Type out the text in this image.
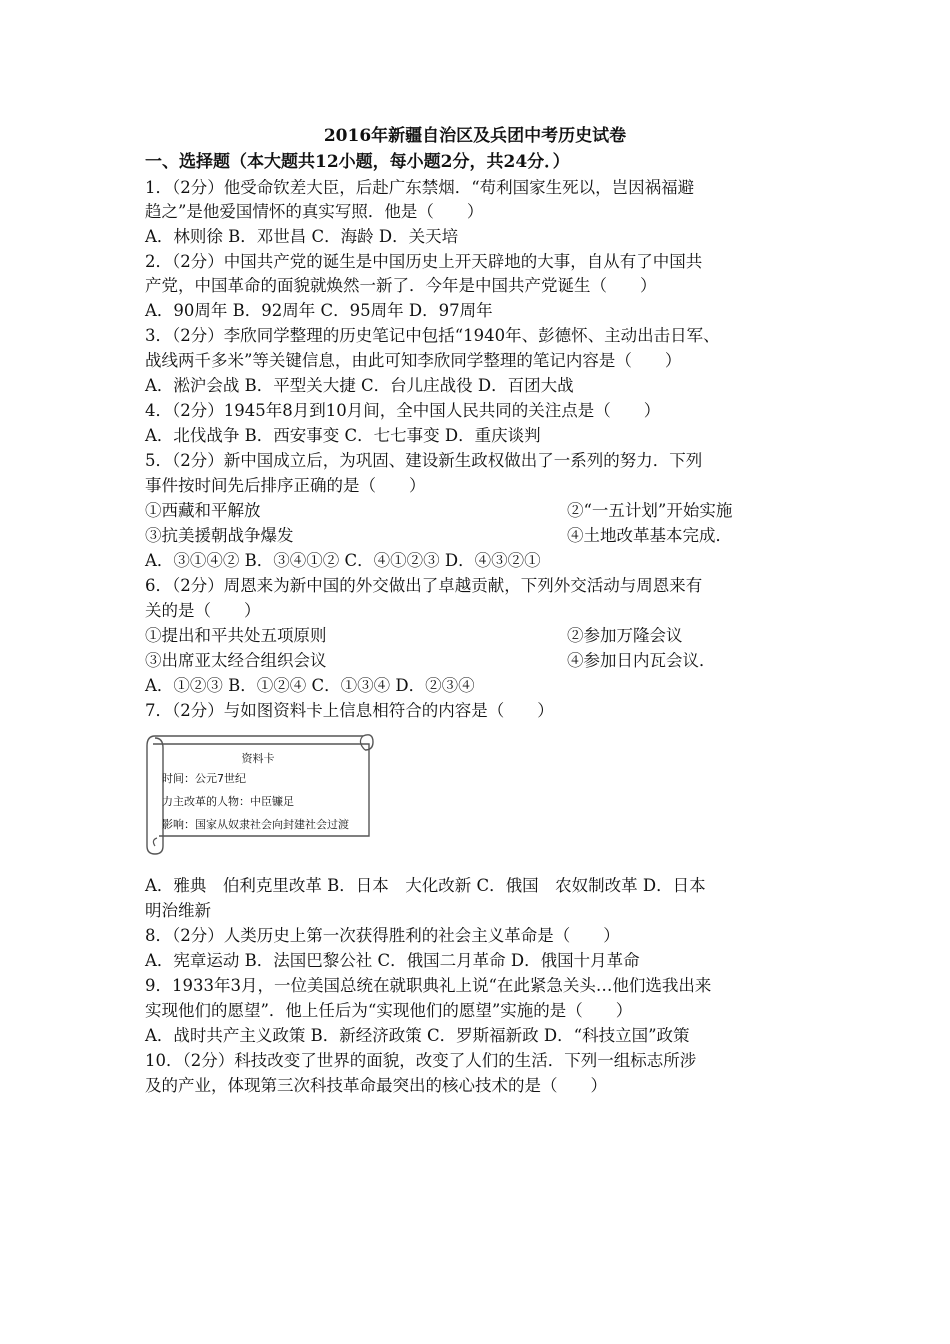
2016年新疆自治区及兵团中考历史试卷
一、选择题（本大题共12小题，每小题2分，共24分．）
1．（2分）他受命钦差大臣，后赴广东禁烟．“苟利国家生死以，岂因祸福避
趋之”是他爱国情怀的真实写照．他是（　　）
A．林则徐 B．邓世昌 C．海龄 D．关天培
2．（2分）中国共产党的诞生是中国历史上开天辟地的大事，自从有了中国共
产党，中国革命的面貌就焕然一新了．今年是中国共产党诞生（　　）
A．90周年 B．92周年 C．95周年 D．97周年
3．（2分）李欣同学整理的历史笔记中包括“1940年、彭德怀、主动出击日军、
战线两千多米”等关键信息，由此可知李欣同学整理的笔记内容是（　　）
A．淞沪会战 B．平型关大捷 C．台儿庄战役 D．百团大战
4．（2分）1945年8月到10月间，全中国人民共同的关注点是（　　）
A．北伐战争 B．西安事变 C．七七事变 D．重庆谈判
5．（2分）新中国成立后，为巩固、建设新生政权做出了一系列的努力．下列
事件按时间先后排序正确的是（　　）
①西藏和平解放	②“一五计划”开始实施
③抗美援朝战争爆发	④土地改革基本完成．
A．③①④② B．③④①② C．④①②③ D．④③②①
6．（2分）周恩来为新中国的外交做出了卓越贡献，下列外交活动与周恩来有
关的是（　　）
①提出和平共处五项原则	②参加万隆会议
③出席亚太经合组织会议	④参加日内瓦会议．
A．①②③ B．①②④ C．①③④ D．②③④
7．（2分）与如图资料卡上信息相符合的内容是（　　）
资料卡
时间：公元7世纪
力主改革的人物：中臣镰足
影响：国家从奴隶社会向封建社会过渡
A．雅典　伯利克里改革 B．日本　大化改新 C．俄国　农奴制改革 D．日本
明治维新
8．（2分）人类历史上第一次获得胜利的社会主义革命是（　　）
A．宪章运动 B．法国巴黎公社 C．俄国二月革命 D．俄国十月革命
9．1933年3月，一位美国总统在就职典礼上说“在此紧急关头…他们选我出来
实现他们的愿望”．他上任后为“实现他们的愿望”实施的是（　　）
A．战时共产主义政策 B．新经济政策 C．罗斯福新政 D．“科技立国”政策
10．（2分）科技改变了世界的面貌，改变了人们的生活．下列一组标志所涉
及的产业，体现第三次科技革命最突出的核心技术的是（　　）
